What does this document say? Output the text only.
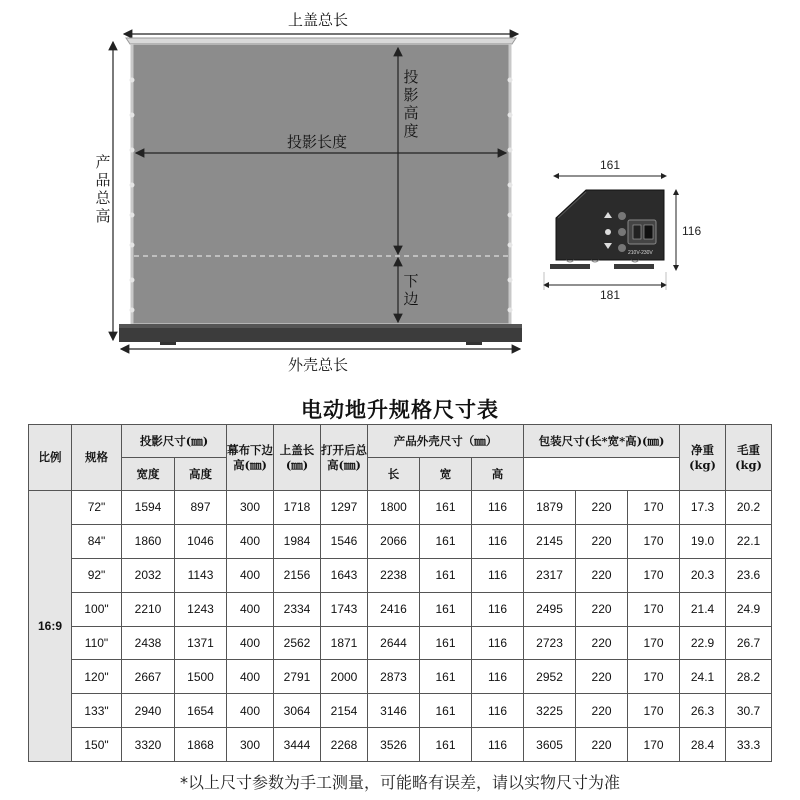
上盖总长
投影长度
投影高度
下边
产品总高
外壳总长
161
116
181
210V-230V
电动地升规格尺寸表
比例	规格	投影尺寸(㎜)		幕布下边高(㎜)	上盖长(㎜)	打开后总高(㎜)	产品外壳尺寸（㎜）			包装尺寸(长*宽*高)(㎜)			净重(kg)	毛重(kg)
		宽度	高度				长	宽	高					
16:9	72"	1594	897	300	1718	1297	1800	161	116	1879	220	170	17.3	20.2
	84"	1860	1046	400	1984	1546	2066	161	116	2145	220	170	19.0	22.1
	92"	2032	1143	400	2156	1643	2238	161	116	2317	220	170	20.3	23.6
	100"	2210	1243	400	2334	1743	2416	161	116	2495	220	170	21.4	24.9
	110"	2438	1371	400	2562	1871	2644	161	116	2723	220	170	22.9	26.7
	120"	2667	1500	400	2791	2000	2873	161	116	2952	220	170	24.1	28.2
	133"	2940	1654	400	3064	2154	3146	161	116	3225	220	170	26.3	30.7
	150"	3320	1868	300	3444	2268	3526	161	116	3605	220	170	28.4	33.3
*以上尺寸参数为手工测量，可能略有误差，请以实物尺寸为准
